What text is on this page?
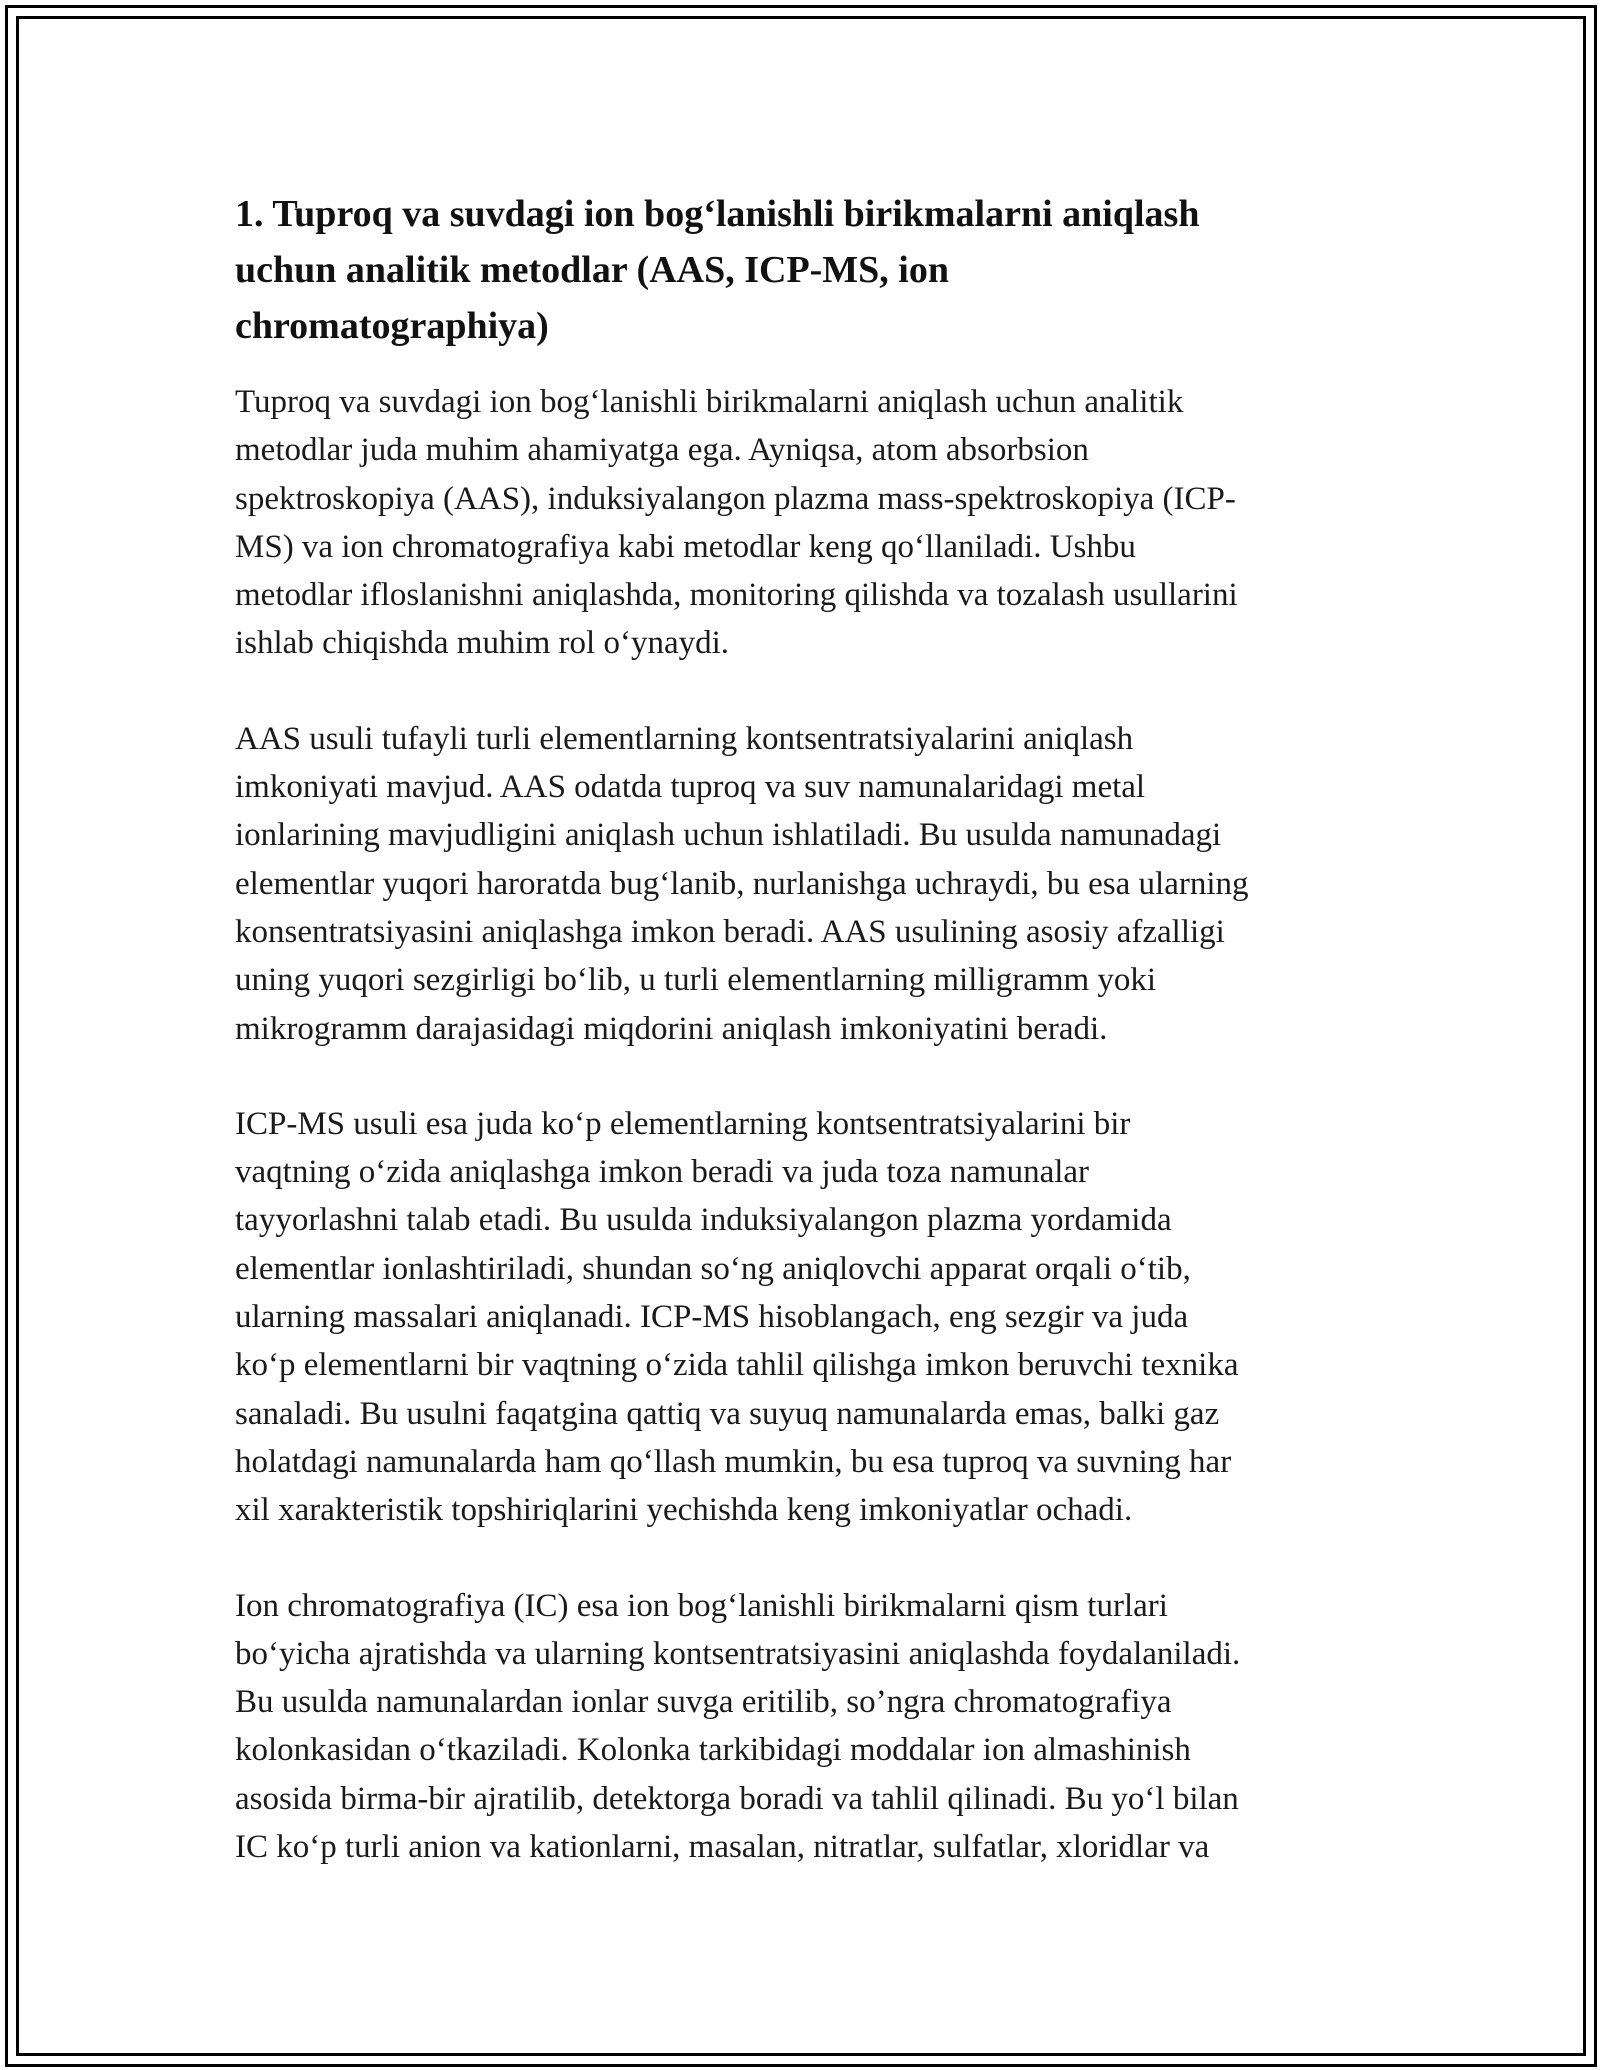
1. Tuproq va suvdagi ion bog‘lanishli birikmalarni aniqlash
uchun analitik metodlar (AAS, ICP-MS, ion
chromatographiya)

Tuproq va suvdagi ion bog‘lanishli birikmalarni aniqlash uchun analitik
metodlar juda muhim ahamiyatga ega. Ayniqsa, atom absorbsion
spektroskopiya (AAS), induksiyalangon plazma mass-spektroskopiya (ICP-
MS) va ion chromatografiya kabi metodlar keng qo‘llaniladi. Ushbu
metodlar ifloslanishni aniqlashda, monitoring qilishda va tozalash usullarini
ishlab chiqishda muhim rol o‘ynaydi.

AAS usuli tufayli turli elementlarning kontsentratsiyalarini aniqlash
imkoniyati mavjud. AAS odatda tuproq va suv namunalaridagi metal
ionlarining mavjudligini aniqlash uchun ishlatiladi. Bu usulda namunadagi
elementlar yuqori haroratda bug‘lanib, nurlanishga uchraydi, bu esa ularning
konsentratsiyasini aniqlashga imkon beradi. AAS usulining asosiy afzalligi
uning yuqori sezgirligi bo‘lib, u turli elementlarning milligramm yoki
mikrogramm darajasidagi miqdorini aniqlash imkoniyatini beradi.

ICP-MS usuli esa juda ko‘p elementlarning kontsentratsiyalarini bir
vaqtning o‘zida aniqlashga imkon beradi va juda toza namunalar
tayyorlashni talab etadi. Bu usulda induksiyalangon plazma yordamida
elementlar ionlashtiriladi, shundan so‘ng aniqlovchi apparat orqali o‘tib,
ularning massalari aniqlanadi. ICP-MS hisoblangach, eng sezgir va juda
ko‘p elementlarni bir vaqtning o‘zida tahlil qilishga imkon beruvchi texnika
sanaladi. Bu usulni faqatgina qattiq va suyuq namunalarda emas, balki gaz
holatdagi namunalarda ham qo‘llash mumkin, bu esa tuproq va suvning har
xil xarakteristik topshiriqlarini yechishda keng imkoniyatlar ochadi.

Ion chromatografiya (IC) esa ion bog‘lanishli birikmalarni qism turlari
bo‘yicha ajratishda va ularning kontsentratsiyasini aniqlashda foydalaniladi.
Bu usulda namunalardan ionlar suvga eritilib, so’ngra chromatografiya
kolonkasidan o‘tkaziladi. Kolonka tarkibidagi moddalar ion almashinish
asosida birma-bir ajratilib, detektorga boradi va tahlil qilinadi. Bu yo‘l bilan
IC ko‘p turli anion va kationlarni, masalan, nitratlar, sulfatlar, xloridlar va
